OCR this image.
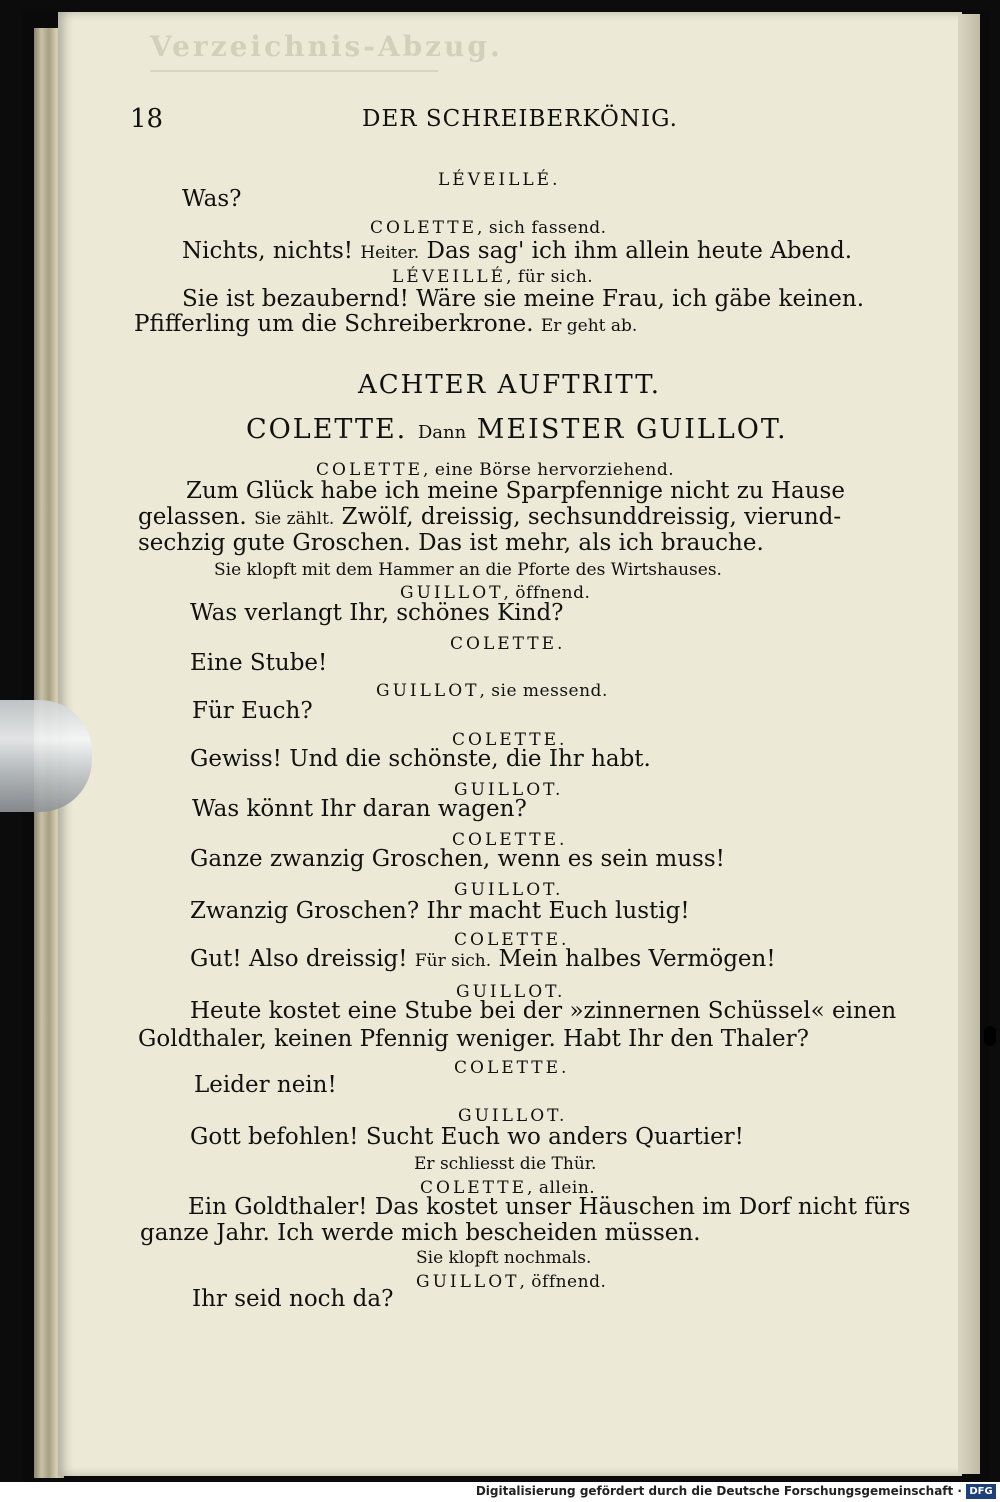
Verzeichnis-Abzug.
18	DER SCHREIBERKÖNIG.
LÉVEILLÉ.
Was?
COLETTE, sich fassend.
Nichts, nichts! Heiter. Das sag' ich ihm allein heute Abend.
LÉVEILLÉ, für sich.
Sie ist bezaubernd! Wäre sie meine Frau, ich gäbe keinen.
Pfifferling um die Schreiberkrone. Er geht ab.
ACHTER AUFTRITT.
COLETTE. Dann MEISTER GUILLOT.
COLETTE, eine Börse hervorziehend.
Zum Glück habe ich meine Sparpfennige nicht zu Hause
gelassen. Sie zählt. Zwölf, dreissig, sechsunddreissig, vierund-
sechzig gute Groschen. Das ist mehr, als ich brauche.
Sie klopft mit dem Hammer an die Pforte des Wirtshauses.
GUILLOT, öffnend.
Was verlangt Ihr, schönes Kind?
COLETTE.
Eine Stube!
GUILLOT, sie messend.
Für Euch?
COLETTE.
Gewiss! Und die schönste, die Ihr habt.
GUILLOT.
Was könnt Ihr daran wagen?
COLETTE.
Ganze zwanzig Groschen, wenn es sein muss!
GUILLOT.
Zwanzig Groschen? Ihr macht Euch lustig!
COLETTE.
Gut! Also dreissig! Für sich. Mein halbes Vermögen!
GUILLOT.
Heute kostet eine Stube bei der »zinnernen Schüssel« einen
Goldthaler, keinen Pfennig weniger. Habt Ihr den Thaler?
COLETTE.
Leider nein!
GUILLOT.
Gott befohlen! Sucht Euch wo anders Quartier!
Er schliesst die Thür.
COLETTE, allein.
Ein Goldthaler! Das kostet unser Häuschen im Dorf nicht fürs
ganze Jahr. Ich werde mich bescheiden müssen.
Sie klopft nochmals.
GUILLOT, öffnend.
Ihr seid noch da?
Digitalisierung gefördert durch die Deutsche Forschungsgemeinschaft · DFG
